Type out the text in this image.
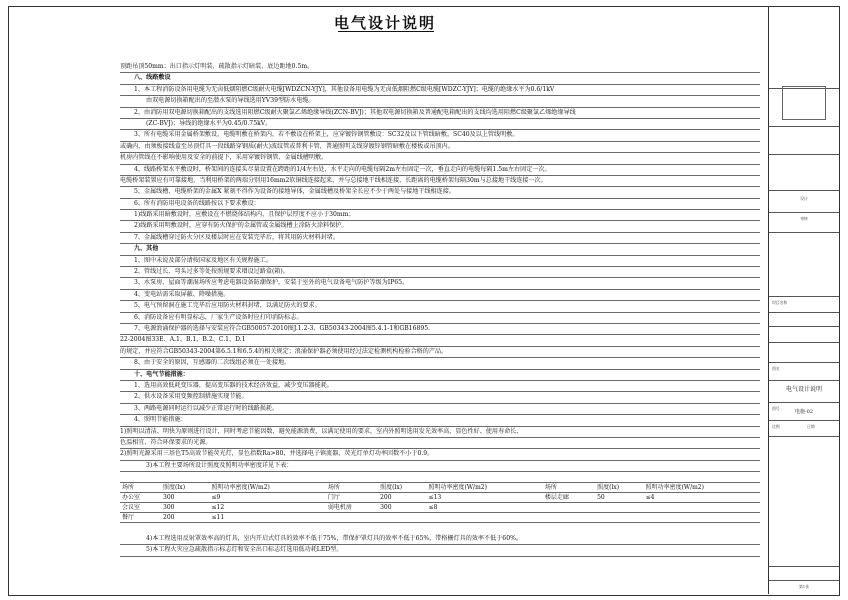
电气设计说明
顶距吊顶50mm；出口指示灯明装，疏散指示灯暗装，底边距地0.5m。
八、线路敷设
1、本工程消防设备用电缆为无卤低烟阻燃C级耐火电缆[WDZCN-YJY]，其他设备用电缆为无卤低烟阻燃C级电缆[WDZC-YJY]；电缆的绝缘水平为0.6/1kV
由双电源切换箱配出的至潜水泵的导线选用YV39型防水电缆。
2、由消防用双电源切换箱配出的支线选用阻燃C级耐火聚氯乙烯绝缘导线(ZCN-BVJ)；其他双电源切换箱及普通配电箱配出的支线均选用阻燃C级聚氯乙烯绝缘导线
(ZC-BVJ)；导线的绝缘水平为0.45/0.75kV。
3、所有电缆采用金属桥架敷设，电缆明敷在桥架内，若不敷设在桥架上，应穿镀锌钢管敷设：SC32及以下管线暗敷，SC40及以上管线明敷。
或确内，由须板接线盒至吊顶灯具一段线路穿钢质(耐火)波纹管或普利卡管，普通照明支线穿镀锌钢管暗敷在楼板或吊顶内。
机房内管线在不影响使用及安全的前提下，采用穿镀锌钢管、金属线槽明敷。
4、线路桥架水平敷设时，桥架间的连接头尽量设置在跨距的1/4左右处，水平走向的电缆每隔2m左右固定一次，垂直走向的电缆每隔1.5m左右固定一次。
电缆桥架装置应有可靠接地，当利用桥架的两端分别用16mm2软铜线连接起来，并与总接地干线相连接，长距离的电缆桥架每隔30m与总接地干线连接一次。
5、金属线槽、电缆桥架的金属X 紧刻不得作为设备的接地导体，金属线槽及桥架全长应不少于两处与接地干线相连接。
6、所有消防用电设备的线路按以下要求敷设：
1)线路采用暗敷设时，应敷设在不燃烧体结构内，且保护层厚度不应小于30mm；
2)线路采用明敷设时，应穿有防火保护的金属管或金属线槽上涂防火涂料保护。
7、金属线槽穿过防火分区及楼层时应在安装完毕后，将其用防火材料封堵。
九、其他
1、图中未说及部分请按国家及地区有关规程施工。
2、管线过长、弯头过多等处按照规要求增设过路盒(箱)。
3、水泵房、屋面等潮湿场所应考虑电器设备防潮保护，安装于室外的电气设备电气防护等级为IP65。
4、变电站需采取屏蔽、降噪措施。
5、电气预留洞在施工完毕后应用防火材料封堵，以满足防火的要求。
6、消防设备应有明显标志，厂家生产设备时应打印消防标志。
7、电源浪涌保护器的选择与安装应符合GB50057-2010图J.1.2-3、GB50343-2004图5.4.1-1和GB16895.
22-2004图33E、A.1、B.1、B.2、C.1、D.1
的规定，并应符合GB50343-2004第6.5.1和6.5.4的相关规定；浪涌保护器必须使用经过法定检测机构检验合格的产品。
8、由于安全的原因，互感器的二次线组必须在一处接地。
十、电气节能措施：
1、选用高效低耗变压器，提高变压器的技术经济效益，减少变压器能耗。
2、供水设备采用变频控制措施实现节能。
3、两路电源同时运行以减少正常运行时的线路损耗。
4、照明节能措施：
1)照明以清洁、明快为原则进行设计，同时考虑节能因数，避免能源浪费，以满足使用的要求，室内外照明选用发光效率高、显色性好、使用寿命长、
色温相宜、符合环保要求的光源。
2)照明光源采用三基色T5高效节能荧光灯，显色指数Ra>80，并选择电子镇流器，荧光灯单灯功率因数不小于0.9。
3)本工程主要场所设计照度及照明功率密度详见下表：
场所	照度(lx)	照明功率密度(W/m2)	场所	照度(lx)	照明功率密度(W/m2)	场所	照度(lx)	照明功率密度(W/m2)
办公室	300	≤9	门厅	200	≤13	楼层走廊	50	≤4
会议室	300	≤12	弱电机房	300	≤8			
餐厅	200	≤11						
4)本工程选用反射罩效率高的灯具，室内开启式灯具的效率不低于75%，带保护罩灯具的效率不低于65%，带格栅灯具的效率不低于60%。
5)本工程火灾应急疏散指示标志灯和安全出口标志灯选用低功耗LED型。
设计
审核
项目名称
图名
电气设计说明
图号
电施-02
比例	日期
第1张
